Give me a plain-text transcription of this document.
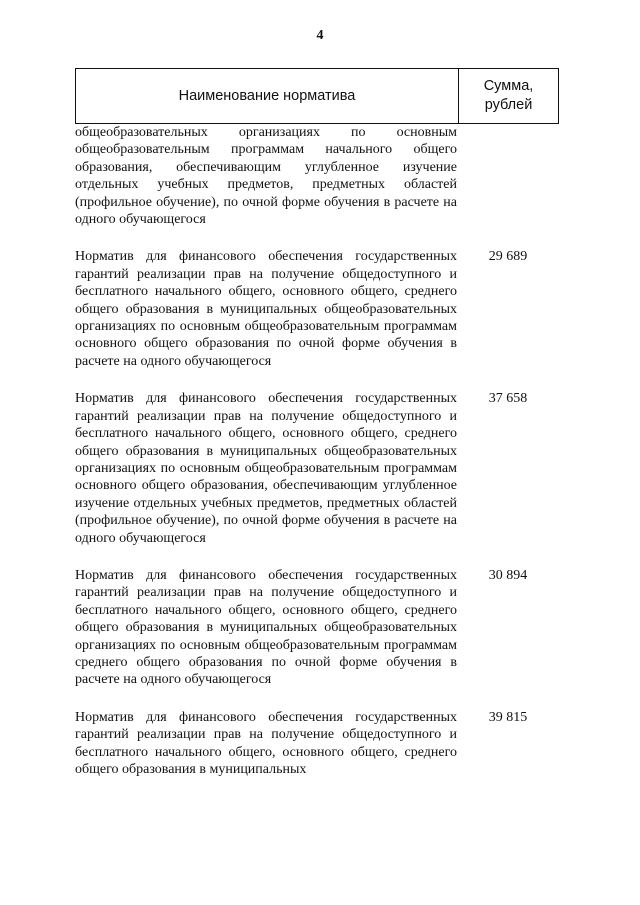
4
Наименование норматива
Сумма,
рублей
общеобразовательных организациях по основным общеобразовательным программам начального общего образования, обеспечивающим углубленное изучение отдельных учебных предметов, предметных областей (профильное обучение), по очной форме обучения в расчете на одного обучающегося
Норматив для финансового обеспечения государственных гарантий реализации прав на получение общедоступного и бесплатного начального общего, основного общего, среднего общего образования в муниципальных общеобразовательных организациях по основным общеобразовательным программам основного общего образования по очной форме обучения в расчете на одного обучающегося
29 689
Норматив для финансового обеспечения государственных гарантий реализации прав на получение общедоступного и бесплатного начального общего, основного общего, среднего общего образования в муниципальных общеобразовательных организациях по основным общеобразовательным программам основного общего образования, обеспечивающим углубленное изучение отдельных учебных предметов, предметных областей (профильное обучение), по очной форме обучения в расчете на одного обучающегося
37 658
Норматив для финансового обеспечения государственных гарантий реализации прав на получение общедоступного и бесплатного начального общего, основного общего, среднего общего образования в муниципальных общеобразовательных организациях по основным общеобразовательным программам среднего общего образования по очной форме обучения в расчете на одного обучающегося
30 894
Норматив для финансового обеспечения государственных гарантий реализации прав на получение общедоступного и бесплатного начального общего, основного общего, среднего общего образования в муниципальных
39 815
